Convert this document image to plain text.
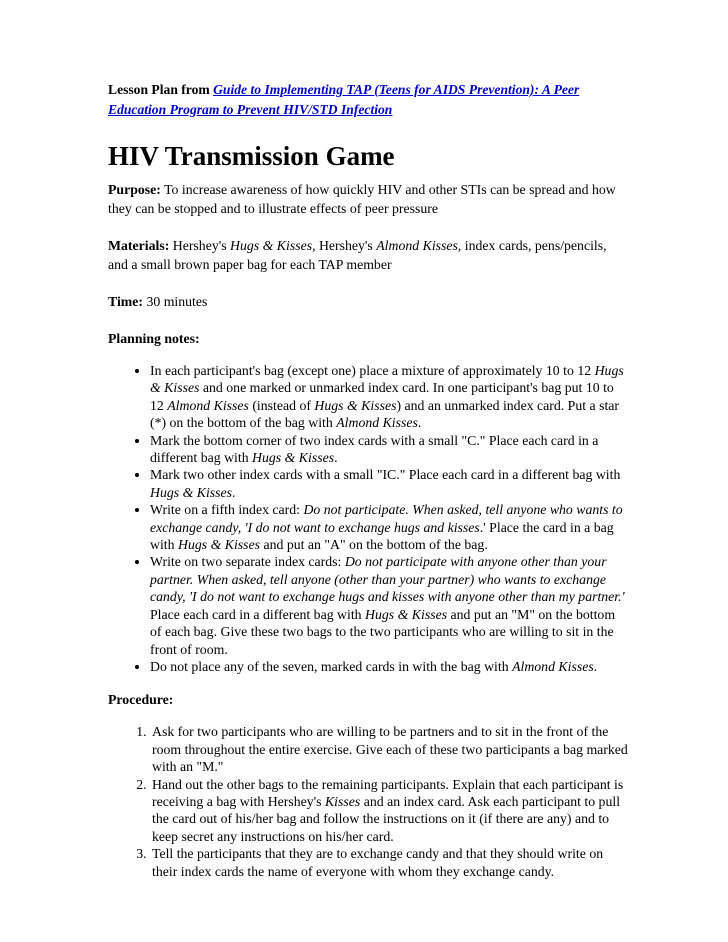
Lesson Plan from Guide to Implementing TAP (Teens for AIDS Prevention): A Peer Education Program to Prevent HIV/STD Infection

HIV Transmission Game

Purpose: To increase awareness of how quickly HIV and other STIs can be spread and how they can be stopped and to illustrate effects of peer pressure

Materials: Hershey's Hugs & Kisses, Hershey's Almond Kisses, index cards, pens/pencils, and a small brown paper bag for each TAP member

Time: 30 minutes

Planning notes:

• In each participant's bag (except one) place a mixture of approximately 10 to 12 Hugs & Kisses and one marked or unmarked index card. In one participant's bag put 10 to 12 Almond Kisses (instead of Hugs & Kisses) and an unmarked index card. Put a star (*) on the bottom of the bag with Almond Kisses.
• Mark the bottom corner of two index cards with a small "C." Place each card in a different bag with Hugs & Kisses.
• Mark two other index cards with a small "IC." Place each card in a different bag with Hugs & Kisses.
• Write on a fifth index card: Do not participate. When asked, tell anyone who wants to exchange candy, 'I do not want to exchange hugs and kisses.' Place the card in a bag with Hugs & Kisses and put an "A" on the bottom of the bag.
• Write on two separate index cards: Do not participate with anyone other than your partner. When asked, tell anyone (other than your partner) who wants to exchange candy, 'I do not want to exchange hugs and kisses with anyone other than my partner.' Place each card in a different bag with Hugs & Kisses and put an "M" on the bottom of each bag. Give these two bags to the two participants who are willing to sit in the front of room.
• Do not place any of the seven, marked cards in with the bag with Almond Kisses.

Procedure:

1. Ask for two participants who are willing to be partners and to sit in the front of the room throughout the entire exercise. Give each of these two participants a bag marked with an "M."
2. Hand out the other bags to the remaining participants. Explain that each participant is receiving a bag with Hershey's Kisses and an index card. Ask each participant to pull the card out of his/her bag and follow the instructions on it (if there are any) and to keep secret any instructions on his/her card.
3. Tell the participants that they are to exchange candy and that they should write on their index cards the name of everyone with whom they exchange candy.
